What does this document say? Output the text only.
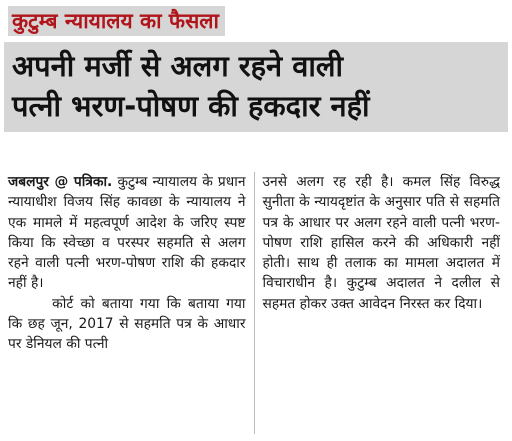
कुटुम्ब न्यायालय का फैसला
अपनी मर्जी से अलग रहने वाली
पत्नी भरण-पोषण की हकदार नहीं

जबलपुर @ पत्रिका. कुटुम्ब न्यायालय के प्रधान न्यायाधीश विजय सिंह कावछा के न्यायालय ने एक मामले में महत्वपूर्ण आदेश के जरिए स्पष्ट किया कि स्वेच्छा व परस्पर सहमति से अलग रहने वाली पत्नी भरण-पोषण राशि की हकदार नहीं है।

कोर्ट को बताया गया कि बताया गया कि छह जून, 2017 से सहमति पत्र के आधार पर डेनियल की पत्नी

उनसे अलग रह रही है। कमल सिंह विरुद्ध सुनीता के न्यायदृष्टांत के अनुसार पति से सहमति पत्र के आधार पर अलग रहने वाली पत्नी भरण-पोषण राशि हासिल करने की अधिकारी नहीं होती। साथ ही तलाक का मामला अदालत में विचाराधीन है। कुटुम्ब अदालत ने दलील से सहमत होकर उक्त आवेदन निरस्त कर दिया।
